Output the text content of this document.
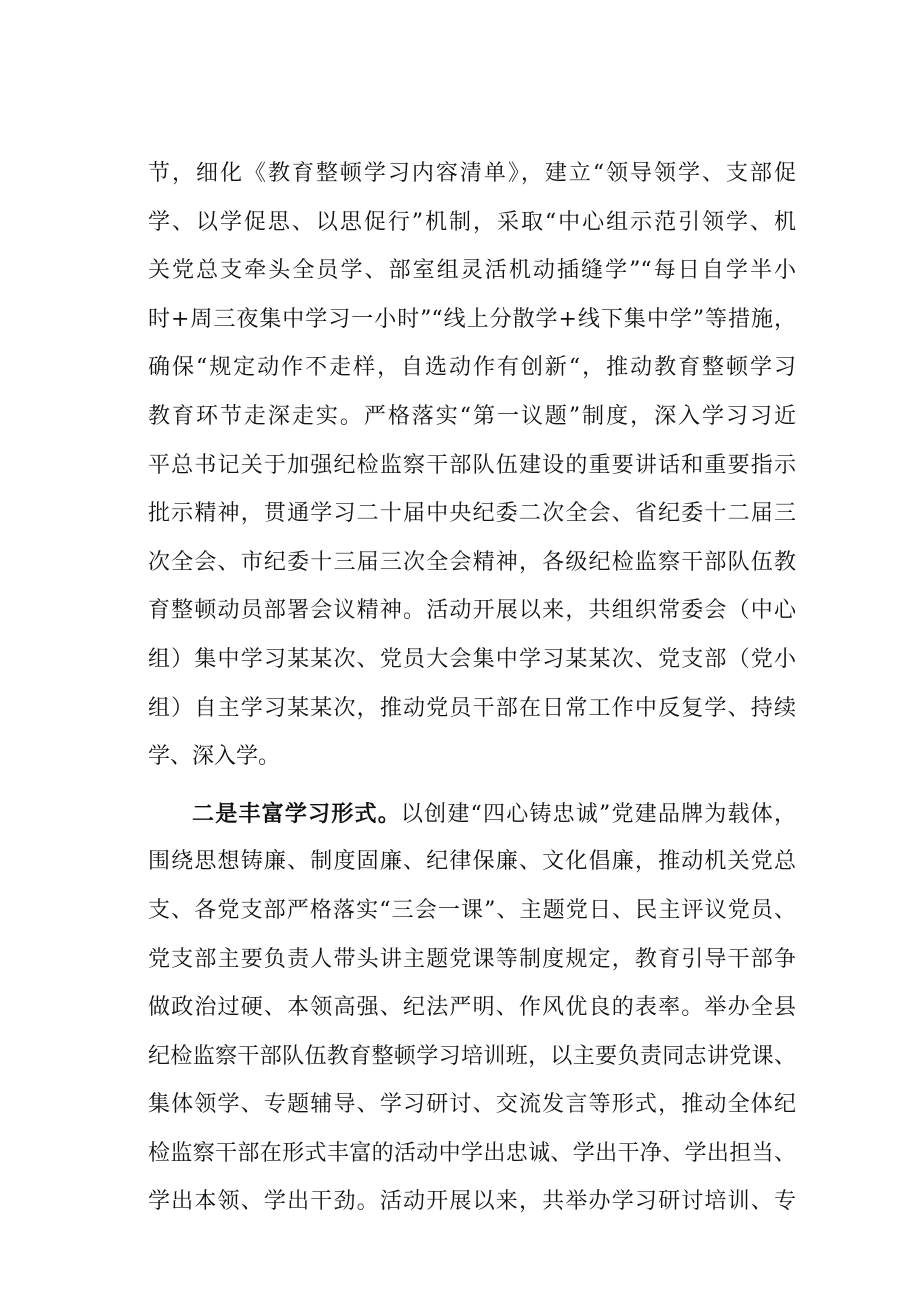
节，细化《教育整顿学习内容清单》，建立“领导领学、支部促
学、以学促思、以思促行”机制，采取“中心组示范引领学、机
关党总支牵头全员学、部室组灵活机动插缝学”“每日自学半小
时+周三夜集中学习一小时”“线上分散学+线下集中学”等措施，
确保“规定动作不走样，自选动作有创新“，推动教育整顿学习
教育环节走深走实。严格落实“第一议题”制度，深入学习习近
平总书记关于加强纪检监察干部队伍建设的重要讲话和重要指示
批示精神，贯通学习二十届中央纪委二次全会、省纪委十二届三
次全会、市纪委十三届三次全会精神，各级纪检监察干部队伍教
育整顿动员部署会议精神。活动开展以来，共组织常委会（中心
组）集中学习某某次、党员大会集中学习某某次、党支部（党小
组）自主学习某某次，推动党员干部在日常工作中反复学、持续
学、深入学。
二是丰富学习形式。以创建“四心铸忠诚”党建品牌为载体，
围绕思想铸廉、制度固廉、纪律保廉、文化倡廉，推动机关党总
支、各党支部严格落实“三会一课”、主题党日、民主评议党员、
党支部主要负责人带头讲主题党课等制度规定，教育引导干部争
做政治过硬、本领高强、纪法严明、作风优良的表率。举办全县
纪检监察干部队伍教育整顿学习培训班，以主要负责同志讲党课、
集体领学、专题辅导、学习研讨、交流发言等形式，推动全体纪
检监察干部在形式丰富的活动中学出忠诚、学出干净、学出担当、
学出本领、学出干劲。活动开展以来，共举办学习研讨培训、专
